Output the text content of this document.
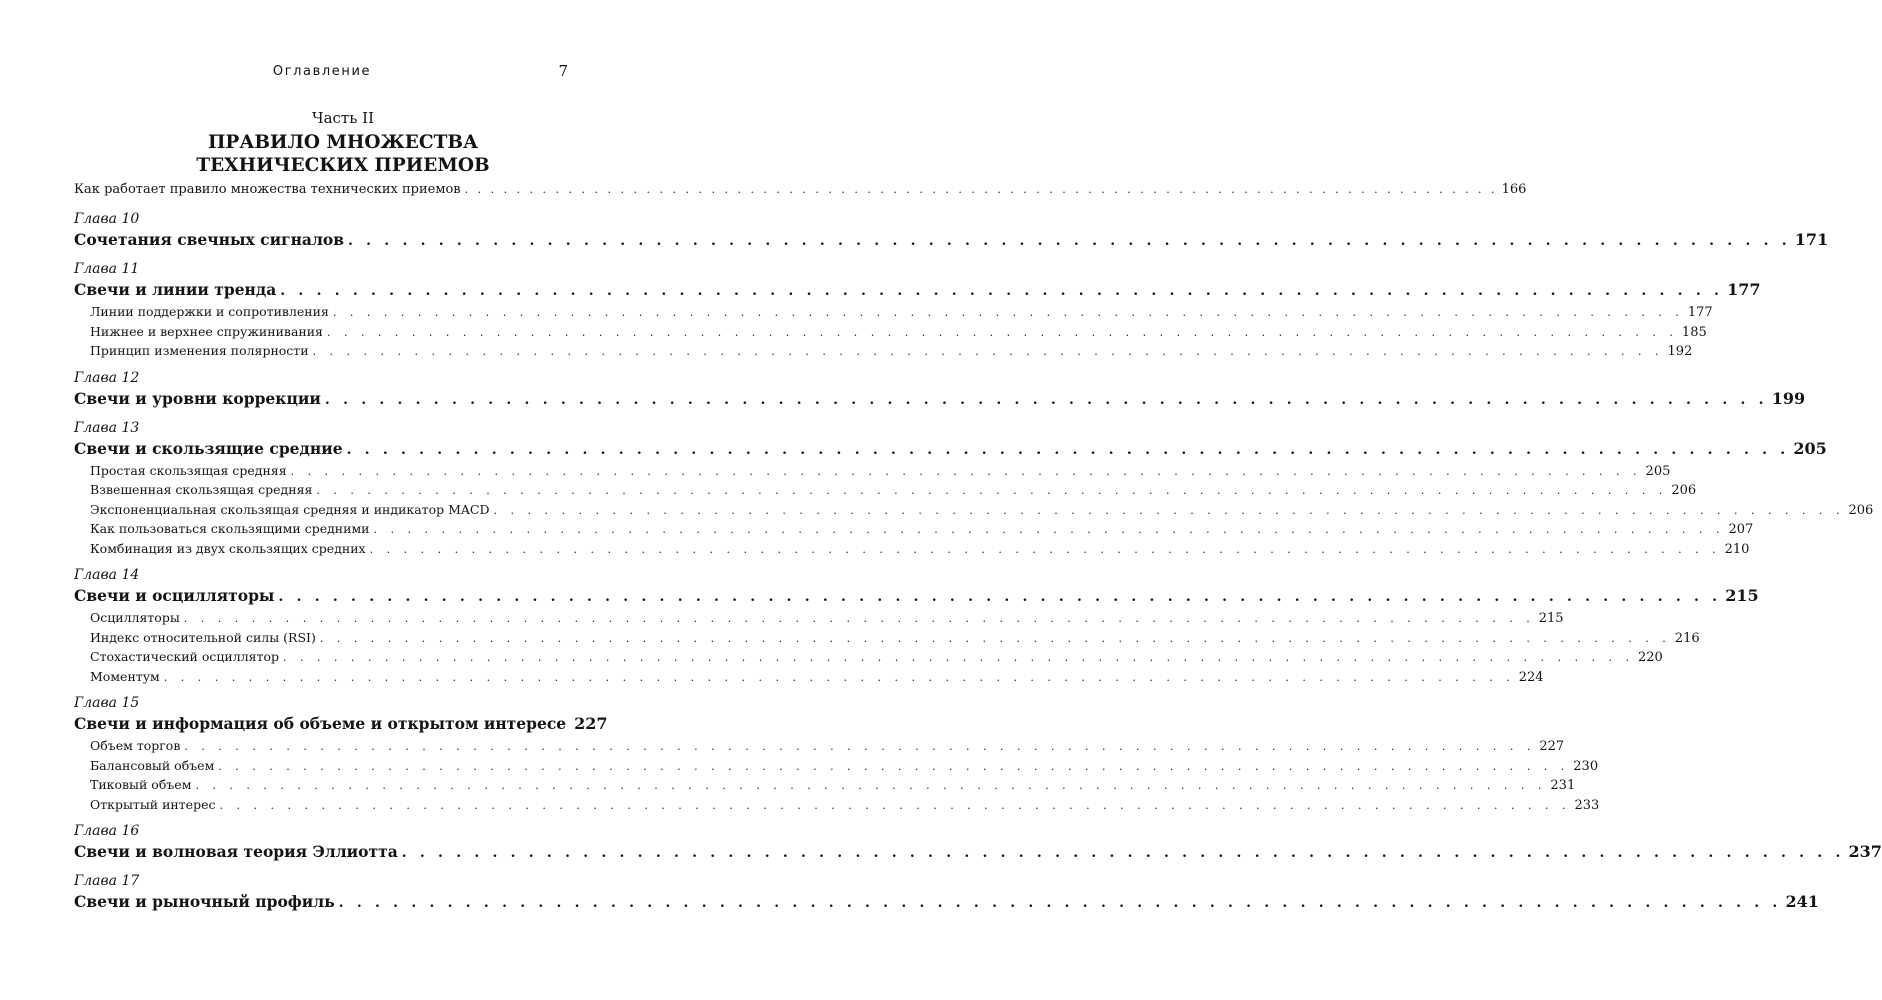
Оглавление	7
Часть II
ПРАВИЛО МНОЖЕСТВА ТЕХНИЧЕСКИХ ПРИЕМОВ
Как работает правило множества технических приемов . . . . . . . . . . . . . . . . . . . . . . . . . . . . . . . . . . . . . . . . . . . . . . . . . . . . . . . . . . . . . . . . . . . . . . . . . . . . . . . . 166
Глава 10
Сочетания свечных сигналов . . . . . . . . . . . . . . . . . . . . . . . . . . . . . . . . . . . . . . . . . . . . . . . . . . . . . . . . . . . . . . . . . . . . . . . . . . . . . . . . 171
Глава 11
Свечи и линии тренда . . . . . . . . . . . . . . . . . . . . . . . . . . . . . . . . . . . . . . . . . . . . . . . . . . . . . . . . . . . . . . . . . . . . . . . . . . . . . . . . 177
Линии поддержки и сопротивления . . . . . . . . . . . . . . . . . . . . . . . . . . . . . . . . . . . . . . . . . . . . . . . . . . . . . . . . . . . . . . . . . . . . . . . . . . . . . . . . 177
Нижнее и верхнее спружинивания . . . . . . . . . . . . . . . . . . . . . . . . . . . . . . . . . . . . . . . . . . . . . . . . . . . . . . . . . . . . . . . . . . . . . . . . . . . . . . . . 185
Принцип изменения полярности . . . . . . . . . . . . . . . . . . . . . . . . . . . . . . . . . . . . . . . . . . . . . . . . . . . . . . . . . . . . . . . . . . . . . . . . . . . . . . . . 192
Глава 12
Свечи и уровни коррекции . . . . . . . . . . . . . . . . . . . . . . . . . . . . . . . . . . . . . . . . . . . . . . . . . . . . . . . . . . . . . . . . . . . . . . . . . . . . . . . . 199
Глава 13
Свечи и скользящие средние . . . . . . . . . . . . . . . . . . . . . . . . . . . . . . . . . . . . . . . . . . . . . . . . . . . . . . . . . . . . . . . . . . . . . . . . . . . . . . . . 205
Простая скользящая средняя . . . . . . . . . . . . . . . . . . . . . . . . . . . . . . . . . . . . . . . . . . . . . . . . . . . . . . . . . . . . . . . . . . . . . . . . . . . . . . . . 205
Взвешенная скользящая средняя . . . . . . . . . . . . . . . . . . . . . . . . . . . . . . . . . . . . . . . . . . . . . . . . . . . . . . . . . . . . . . . . . . . . . . . . . . . . . . . . 206
Экспоненциальная скользящая средняя и индикатор MACD . . . . . . . . . . . . . . . . . . . . . . . . . . . . . . . . . . . . . . . . . . . . . . . . . . . . . . . . . . . . . . . . . . . . . . . . . . . . . . . . 206
Как пользоваться скользящими средними . . . . . . . . . . . . . . . . . . . . . . . . . . . . . . . . . . . . . . . . . . . . . . . . . . . . . . . . . . . . . . . . . . . . . . . . . . . . . . . . 207
Комбинация из двух скользящих средних . . . . . . . . . . . . . . . . . . . . . . . . . . . . . . . . . . . . . . . . . . . . . . . . . . . . . . . . . . . . . . . . . . . . . . . . . . . . . . . . 210
Глава 14
Свечи и осцилляторы . . . . . . . . . . . . . . . . . . . . . . . . . . . . . . . . . . . . . . . . . . . . . . . . . . . . . . . . . . . . . . . . . . . . . . . . . . . . . . . . 215
Осцилляторы . . . . . . . . . . . . . . . . . . . . . . . . . . . . . . . . . . . . . . . . . . . . . . . . . . . . . . . . . . . . . . . . . . . . . . . . . . . . . . . . 215
Индекс относительной силы (RSI) . . . . . . . . . . . . . . . . . . . . . . . . . . . . . . . . . . . . . . . . . . . . . . . . . . . . . . . . . . . . . . . . . . . . . . . . . . . . . . . . 216
Стохастический осциллятор . . . . . . . . . . . . . . . . . . . . . . . . . . . . . . . . . . . . . . . . . . . . . . . . . . . . . . . . . . . . . . . . . . . . . . . . . . . . . . . . 220
Моментум . . . . . . . . . . . . . . . . . . . . . . . . . . . . . . . . . . . . . . . . . . . . . . . . . . . . . . . . . . . . . . . . . . . . . . . . . . . . . . . . 224
Глава 15
Свечи и информация об объеме и открытом интересе 227
Объем торгов . . . . . . . . . . . . . . . . . . . . . . . . . . . . . . . . . . . . . . . . . . . . . . . . . . . . . . . . . . . . . . . . . . . . . . . . . . . . . . . . 227
Балансовый объем . . . . . . . . . . . . . . . . . . . . . . . . . . . . . . . . . . . . . . . . . . . . . . . . . . . . . . . . . . . . . . . . . . . . . . . . . . . . . . . . 230
Тиковый объем . . . . . . . . . . . . . . . . . . . . . . . . . . . . . . . . . . . . . . . . . . . . . . . . . . . . . . . . . . . . . . . . . . . . . . . . . . . . . . . . 231
Открытый интерес . . . . . . . . . . . . . . . . . . . . . . . . . . . . . . . . . . . . . . . . . . . . . . . . . . . . . . . . . . . . . . . . . . . . . . . . . . . . . . . . 233
Глава 16
Свечи и волновая теория Эллиотта . . . . . . . . . . . . . . . . . . . . . . . . . . . . . . . . . . . . . . . . . . . . . . . . . . . . . . . . . . . . . . . . . . . . . . . . . . . . . . . . 237
Глава 17
Свечи и рыночный профиль . . . . . . . . . . . . . . . . . . . . . . . . . . . . . . . . . . . . . . . . . . . . . . . . . . . . . . . . . . . . . . . . . . . . . . . . . . . . . . . . 241
